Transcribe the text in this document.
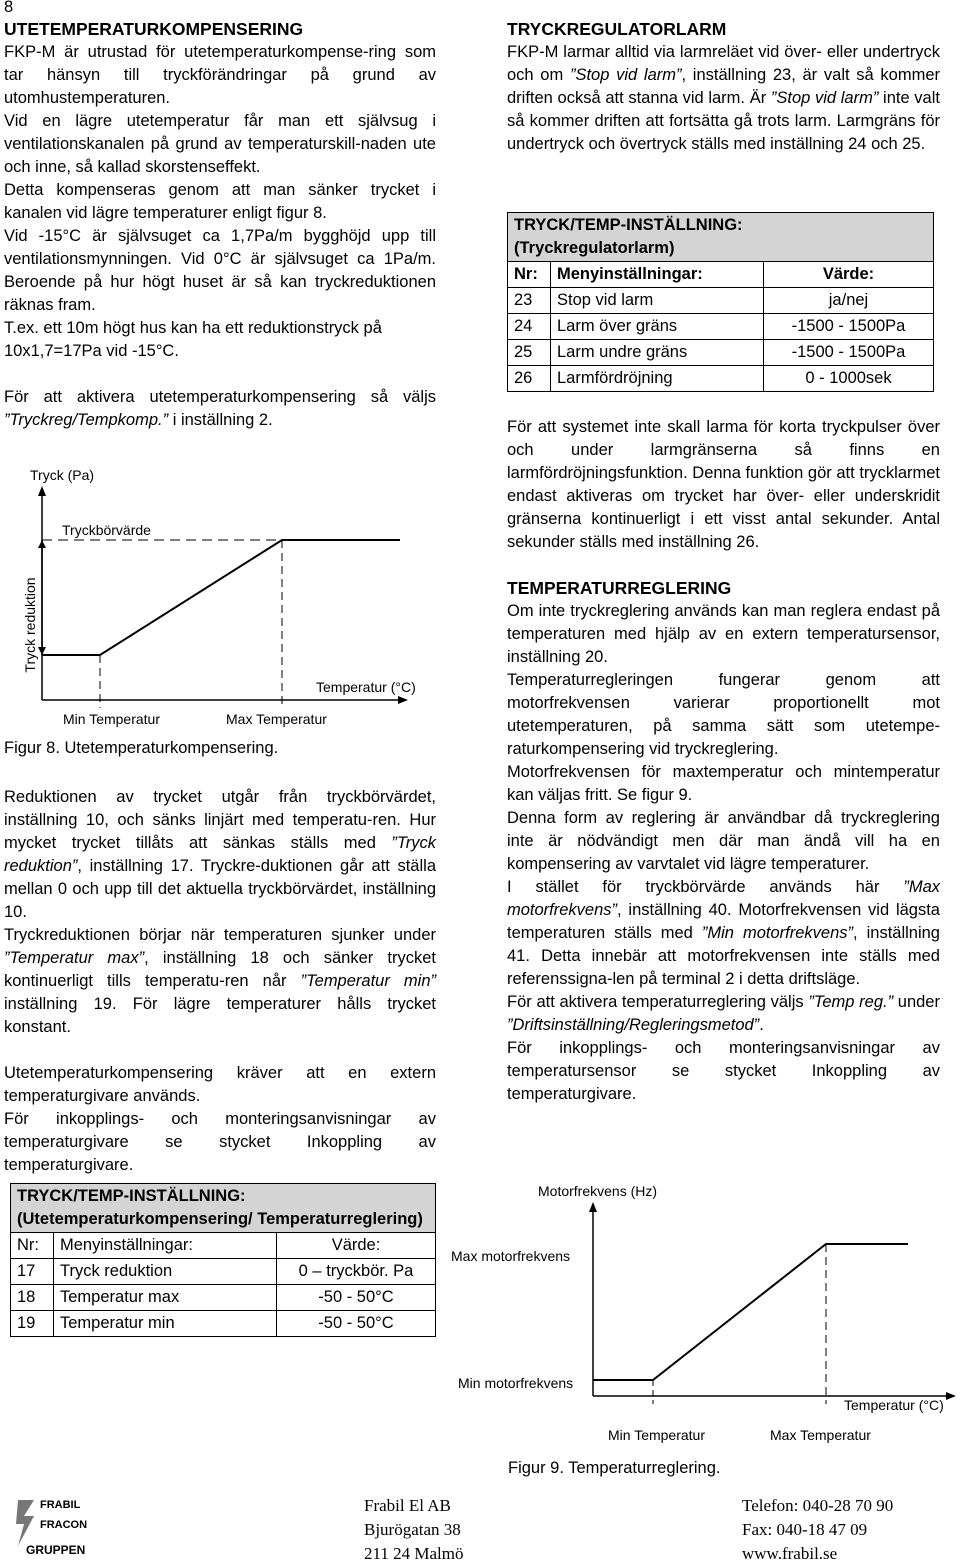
8
UTETEMPERATURKOMPENSERING

FKP-M är utrustad för utetemperaturkompense-ring som tar hänsyn till tryckförändringar på grund av utomhustemperaturen.

Vid en lägre utetemperatur får man ett självsug i ventilationskanalen på grund av temperaturskill-naden ute och inne, så kallad skorstenseffekt.

Detta kompenseras genom att man sänker trycket i kanalen vid lägre temperaturer enligt figur 8.

Vid -15°C är självsuget ca 1,7Pa/m bygghöjd upp till ventilationsmynningen. Vid 0°C är självsuget ca 1Pa/m. Beroende på hur högt huset är så kan tryckreduktionen räknas fram.

T.ex. ett 10m högt hus kan ha ett reduktionstryck på 10x1,7=17Pa vid -15°C.

För att aktivera utetemperaturkompensering så väljs ”Tryckreg/Tempkomp.” i inställning 2.

Tryck (Pa)
Tryckbörvärde
Tryck reduktion
Temperatur (°C)
Min Temperatur	Max Temperatur
Figur 8. Utetemperaturkompensering.

Reduktionen av trycket utgår från tryckbörvärdet, inställning 10, och sänks linjärt med temperatu-ren. Hur mycket trycket tillåts att sänkas ställs med ”Tryck reduktion”, inställning 17. Tryckre-duktionen går att ställa mellan 0 och upp till det aktuella tryckbörvärdet, inställning 10.

Tryckreduktionen börjar när temperaturen sjunker under ”Temperatur max”, inställning 18 och sänker trycket kontinuerligt tills temperatu-ren når ”Temperatur min” inställning 19. För lägre temperaturer hålls trycket konstant.

Utetemperaturkompensering kräver att en extern temperaturgivare används.

För inkopplings- och monteringsanvisningar av temperaturgivare se stycket Inkoppling av temperaturgivare.

TRYCK/TEMP-INSTÄLLNING:
(Utetemperaturkompensering/ Temperaturreglering)		

Nr:	Menyinställningar:	Värde:
17	Tryck reduktion	0 – tryckbör. Pa
18	Temperatur max	-50 - 50°C
19	Temperatur min	-50 - 50°C
TRYCKREGULATORLARM

FKP-M larmar alltid via larmreläet vid över- eller undertryck och om ”Stop vid larm”, inställning 23, är valt så kommer driften också att stanna vid larm. Är ”Stop vid larm” inte valt så kommer driften att fortsätta gå trots larm. Larmgräns för undertryck och övertryck ställs med inställning 24 och 25.

TRYCK/TEMP-INSTÄLLNING:
(Tryckregulatorlarm)		

Nr:	Menyinställningar:	Värde:
23	Stop vid larm	ja/nej
24	Larm över gräns	-1500 - 1500Pa
25	Larm undre gräns	-1500 - 1500Pa
26	Larmfördröjning	0 - 1000sek

För att systemet inte skall larma för korta tryckpulser över och under larmgränserna så finns en larmfördröjningsfunktion. Denna funktion gör att trycklarmet endast aktiveras om trycket har över- eller underskridit gränserna kontinuerligt i ett visst antal sekunder. Antal sekunder ställs med inställning 26.

TEMPERATURREGLERING

Om inte tryckreglering används kan man reglera endast på temperaturen med hjälp av en extern temperatursensor, inställning 20.

Temperaturregleringen fungerar genom att motorfrekvensen varierar proportionellt mot utetemperaturen, på samma sätt som utetempe-raturkompensering vid tryckreglering.

Motorfrekvensen för maxtemperatur och mintemperatur kan väljas fritt. Se figur 9.

Denna form av reglering är användbar då tryckreglering inte är nödvändigt men där man ändå vill ha en kompensering av varvtalet vid lägre temperaturer.

I stället för tryckbörvärde används här ”Max motorfrekvens”, inställning 40. Motorfrekvensen vid lägsta temperaturen ställs med ”Min motorfrekvens”, inställning 41. Detta innebär att motorfrekvensen inte ställs med referenssigna-len på terminal 2 i detta driftsläge.

För att aktivera temperaturreglering väljs ”Temp reg.” under ”Driftsinställning/Regleringsmetod”.

För inkopplings- och monteringsanvisningar av temperatursensor se stycket Inkoppling av temperaturgivare.

Motorfrekvens (Hz)
Max motorfrekvens
Min motorfrekvens
Temperatur (°C)
Min Temperatur	Max Temperatur
Figur 9. Temperaturreglering.
FRABIL
FRACON
GRUPPEN
Frabil El AB
Bjurögatan 38
211 24 Malmö
Telefon: 040-28 70 90
Fax: 040-18 47 09
www.frabil.se
